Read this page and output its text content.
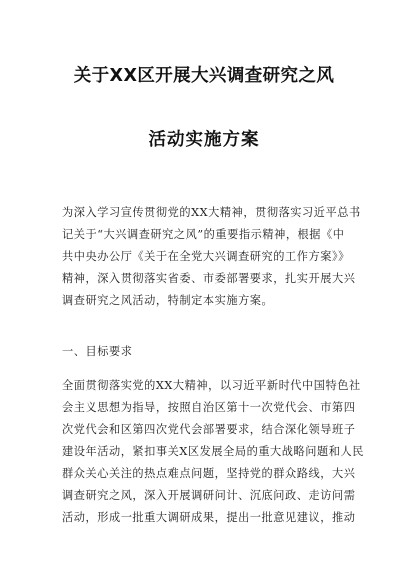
关于XX区开展大兴调查研究之风
活动实施方案
为深入学习宣传贯彻党的XX大精神，贯彻落实习近平总书
记关于“大兴调查研究之风”的重要指示精神，根据《中
共中央办公厅《关于在全党大兴调查研究的工作方案》》
精神，深入贯彻落实省委、市委部署要求，扎实开展大兴
调查研究之风活动，特制定本实施方案。
一、目标要求
全面贯彻落实党的XX大精神，以习近平新时代中国特色社
会主义思想为指导，按照自治区第十一次党代会、市第四
次党代会和区第四次党代会部署要求，结合深化领导班子
建设年活动，紧扣事关X区发展全局的重大战略问题和人民
群众关心关注的热点难点问题，坚持党的群众路线，大兴
调查研究之风，深入开展调研问计、沉底问政、走访问需
活动，形成一批重大调研成果，提出一批意见建议，推动
